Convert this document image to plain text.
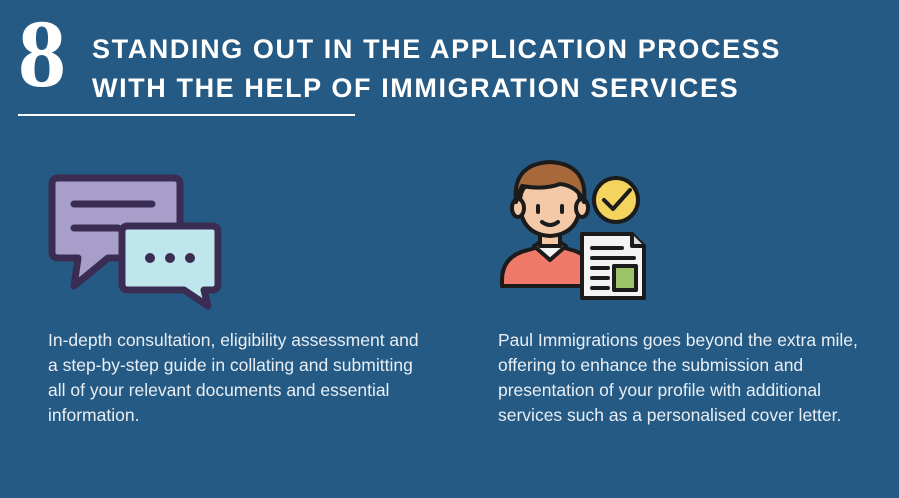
8 STANDING OUT IN THE APPLICATION PROCESS
WITH THE HELP OF IMMIGRATION SERVICES
In-depth consultation, eligibility assessment and a step-by-step guide in collating and submitting all of your relevant documents and essential information.
Paul Immigrations goes beyond the extra mile, offering to enhance the submission and presentation of your profile with additional services such as a personalised cover letter.
